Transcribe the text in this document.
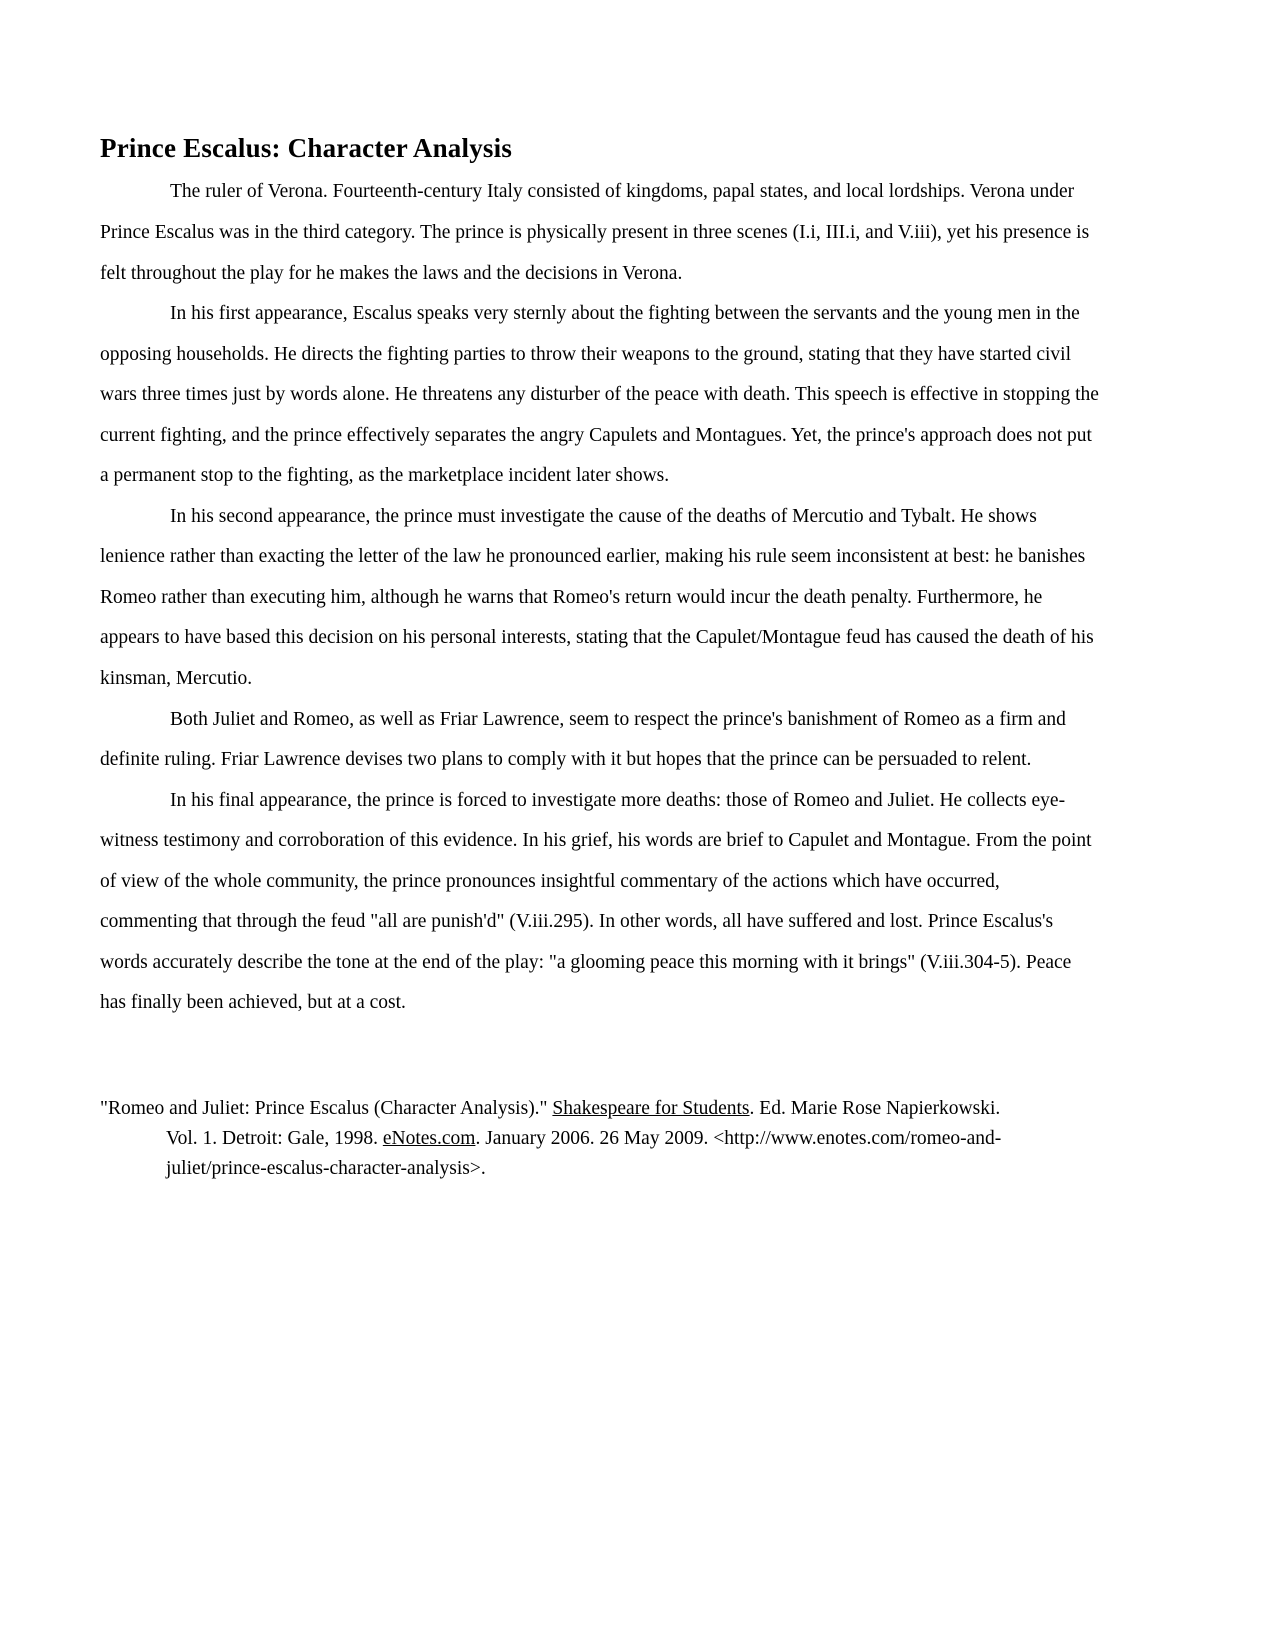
Prince Escalus: Character Analysis

The ruler of Verona. Fourteenth-century Italy consisted of kingdoms, papal states, and local lordships. Verona under Prince Escalus was in the third category. The prince is physically present in three scenes (I.i, III.i, and V.iii), yet his presence is felt throughout the play for he makes the laws and the decisions in Verona.

In his first appearance, Escalus speaks very sternly about the fighting between the servants and the young men in the opposing households. He directs the fighting parties to throw their weapons to the ground, stating that they have started civil wars three times just by words alone. He threatens any disturber of the peace with death. This speech is effective in stopping the current fighting, and the prince effectively separates the angry Capulets and Montagues. Yet, the prince's approach does not put a permanent stop to the fighting, as the marketplace incident later shows.

In his second appearance, the prince must investigate the cause of the deaths of Mercutio and Tybalt. He shows lenience rather than exacting the letter of the law he pronounced earlier, making his rule seem inconsistent at best: he banishes Romeo rather than executing him, although he warns that Romeo's return would incur the death penalty. Furthermore, he appears to have based this decision on his personal interests, stating that the Capulet/Montague feud has caused the death of his kinsman, Mercutio.

Both Juliet and Romeo, as well as Friar Lawrence, seem to respect the prince's banishment of Romeo as a firm and definite ruling. Friar Lawrence devises two plans to comply with it but hopes that the prince can be persuaded to relent.

In his final appearance, the prince is forced to investigate more deaths: those of Romeo and Juliet. He collects eye-witness testimony and corroboration of this evidence. In his grief, his words are brief to Capulet and Montague. From the point of view of the whole community, the prince pronounces insightful commentary of the actions which have occurred, commenting that through the feud "all are punish'd" (V.iii.295). In other words, all have suffered and lost. Prince Escalus's words accurately describe the tone at the end of the play: "a glooming peace this morning with it brings" (V.iii.304-5). Peace has finally been achieved, but at a cost.

"Romeo and Juliet: Prince Escalus (Character Analysis)." Shakespeare for Students. Ed. Marie Rose Napierkowski.
Vol. 1. Detroit: Gale, 1998. eNotes.com. January 2006. 26 May 2009. <http://www.enotes.com/romeo-and-
juliet/prince-escalus-character-analysis>.
